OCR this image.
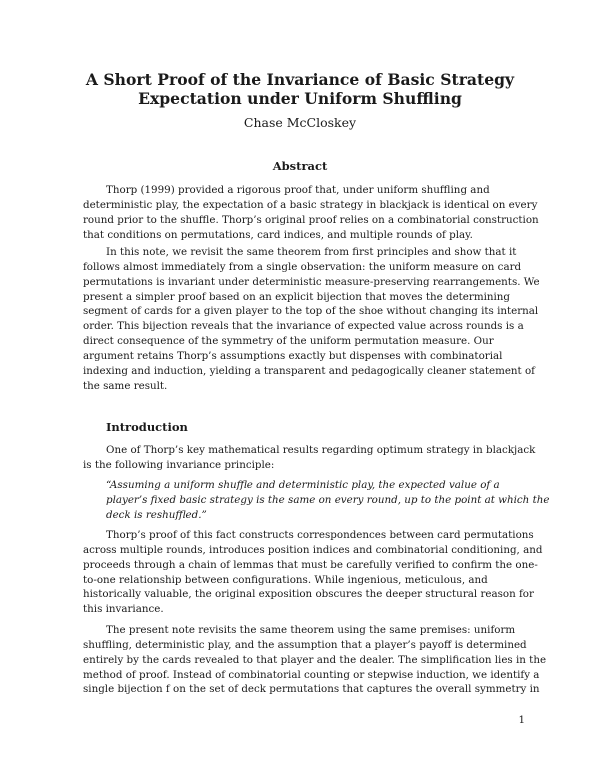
A Short Proof of the Invariance of Basic Strategy
Expectation under Uniform Shuffling
Chase McCloskey
Abstract

Thorp (1999) provided a rigorous proof that, under uniform shuffling and
deterministic play, the expectation of a basic strategy in blackjack is identical on every
round prior to the shuffle. Thorp’s original proof relies on a combinatorial construction
that conditions on permutations, card indices, and multiple rounds of play.

In this note, we revisit the same theorem from first principles and show that it
follows almost immediately from a single observation: the uniform measure on card
permutations is invariant under deterministic measure-preserving rearrangements. We
present a simpler proof based on an explicit bijection that moves the determining
segment of cards for a given player to the top of the shoe without changing its internal
order. This bijection reveals that the invariance of expected value across rounds is a
direct consequence of the symmetry of the uniform permutation measure. Our
argument retains Thorp’s assumptions exactly but dispenses with combinatorial
indexing and induction, yielding a transparent and pedagogically cleaner statement of
the same result.

Introduction

One of Thorp’s key mathematical results regarding optimum strategy in blackjack
is the following invariance principle:

“Assuming a uniform shuffle and deterministic play, the expected value of a
player’s fixed basic strategy is the same on every round, up to the point at which the
deck is reshuffled.”

Thorp’s proof of this fact constructs correspondences between card permutations
across multiple rounds, introduces position indices and combinatorial conditioning, and
proceeds through a chain of lemmas that must be carefully verified to confirm the one-
to-one relationship between configurations. While ingenious, meticulous, and
historically valuable, the original exposition obscures the deeper structural reason for
this invariance.

The present note revisits the same theorem using the same premises: uniform
shuffling, deterministic play, and the assumption that a player’s payoff is determined
entirely by the cards revealed to that player and the dealer. The simplification lies in the
method of proof. Instead of combinatorial counting or stepwise induction, we identify a
single bijection f on the set of deck permutations that captures the overall symmetry in

1
